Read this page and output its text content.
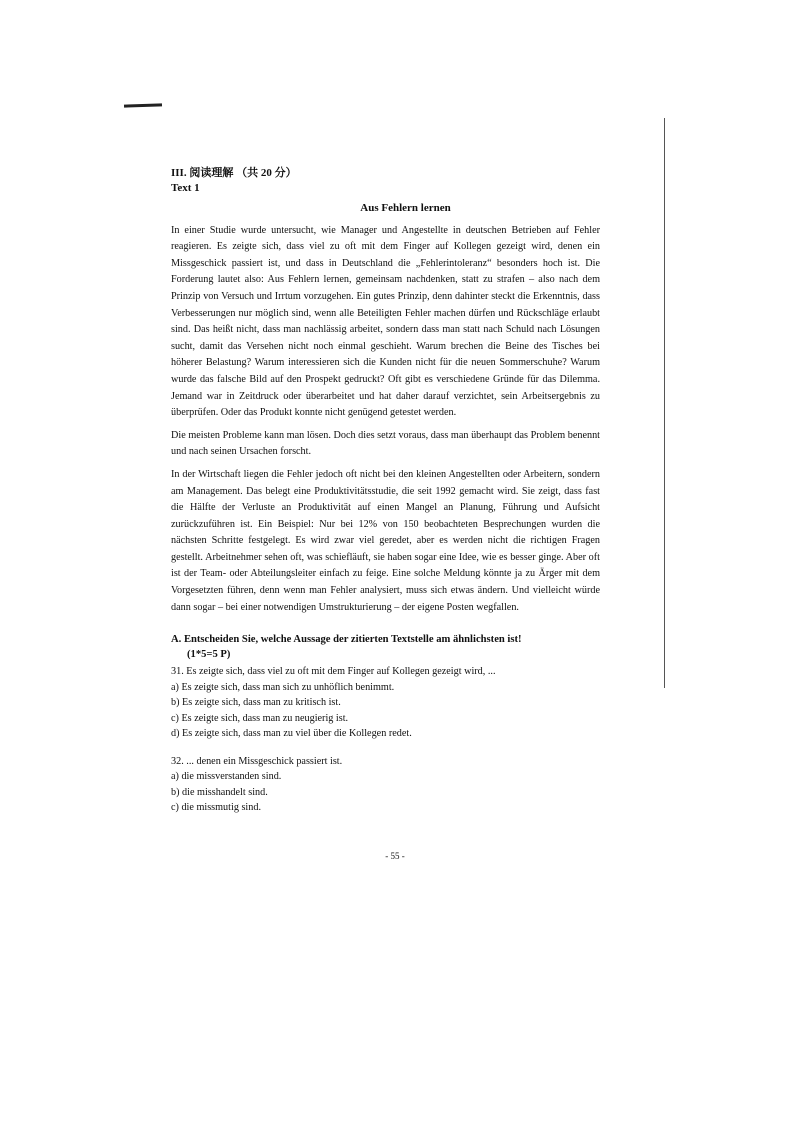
III. 阅读理解 （共 20 分）
Text 1
Aus Fehlern lernen

In einer Studie wurde untersucht, wie Manager und Angestellte in deutschen Betrieben auf Fehler reagieren. Es zeigte sich, dass viel zu oft mit dem Finger auf Kollegen gezeigt wird, denen ein Missgeschick passiert ist, und dass in Deutschland die „Fehlerintoleranz“ besonders hoch ist. Die Forderung lautet also: Aus Fehlern lernen, gemeinsam nachdenken, statt zu strafen – also nach dem Prinzip von Versuch und Irrtum vorzugehen. Ein gutes Prinzip, denn dahinter steckt die Erkenntnis, dass Verbesserungen nur möglich sind, wenn alle Beteiligten Fehler machen dürfen und Rückschläge erlaubt sind. Das heißt nicht, dass man nachlässig arbeitet, sondern dass man statt nach Schuld nach Lösungen sucht, damit das Versehen nicht noch einmal geschieht. Warum brechen die Beine des Tisches bei höherer Belastung? Warum interessieren sich die Kunden nicht für die neuen Sommerschuhe? Warum wurde das falsche Bild auf den Prospekt gedruckt? Oft gibt es verschiedene Gründe für das Dilemma. Jemand war in Zeitdruck oder überarbeitet und hat daher darauf verzichtet, sein Arbeitsergebnis zu überprüfen. Oder das Produkt konnte nicht genügend getestet werden.

Die meisten Probleme kann man lösen. Doch dies setzt voraus, dass man überhaupt das Problem benennt und nach seinen Ursachen forscht.

In der Wirtschaft liegen die Fehler jedoch oft nicht bei den kleinen Angestellten oder Arbeitern, sondern am Management. Das belegt eine Produktivitätsstudie, die seit 1992 gemacht wird. Sie zeigt, dass fast die Hälfte der Verluste an Produktivität auf einen Mangel an Planung, Führung und Aufsicht zurückzuführen ist. Ein Beispiel: Nur bei 12% von 150 beobachteten Besprechungen wurden die nächsten Schritte festgelegt. Es wird zwar viel geredet, aber es werden nicht die richtigen Fragen gestellt. Arbeitnehmer sehen oft, was schiefläuft, sie haben sogar eine Idee, wie es besser ginge. Aber oft ist der Team- oder Abteilungsleiter einfach zu feige. Eine solche Meldung könnte ja zu Ärger mit dem Vorgesetzten führen, denn wenn man Fehler analysiert, muss sich etwas ändern. Und vielleicht würde dann sogar – bei einer notwendigen Umstrukturierung – der eigene Posten wegfallen.

A. Entscheiden Sie, welche Aussage der zitierten Textstelle am ähnlichsten ist!
(1*5=5 P)
31. Es zeigte sich, dass viel zu oft mit dem Finger auf Kollegen gezeigt wird, ...
a) Es zeigte sich, dass man sich zu unhöflich benimmt.
b) Es zeigte sich, dass man zu kritisch ist.
c) Es zeigte sich, dass man zu neugierig ist.
d) Es zeigte sich, dass man zu viel über die Kollegen redet.
32. ... denen ein Missgeschick passiert ist.
a) die missverstanden sind.
b) die misshandelt sind.
c) die missmutig sind.
- 55 -
